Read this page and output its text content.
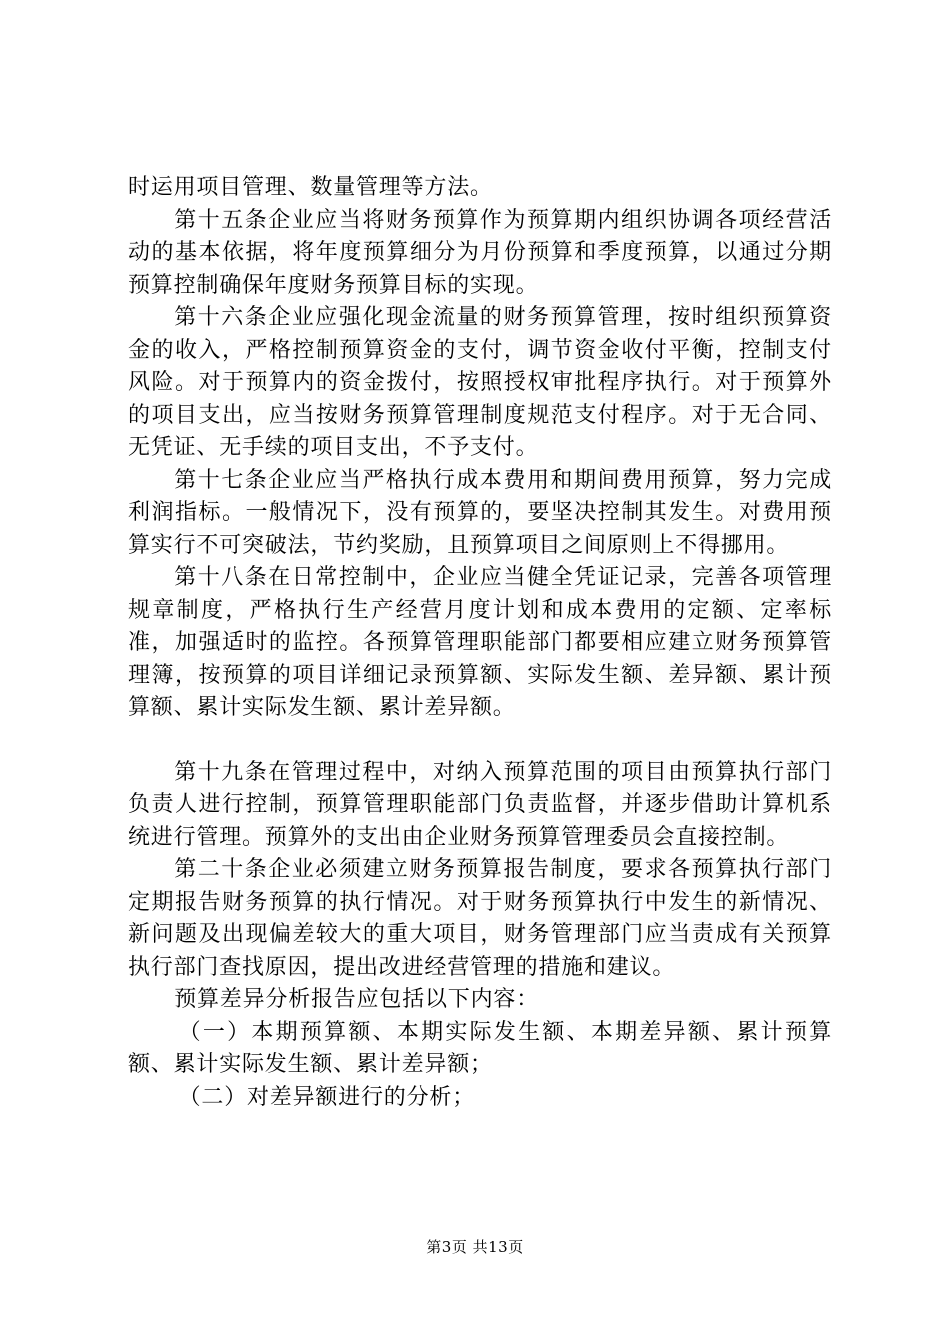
时运用项目管理、数量管理等方法。

第十五条企业应当将财务预算作为预算期内组织协调各项经营活动的基本依据，将年度预算细分为月份预算和季度预算，以通过分期预算控制确保年度财务预算目标的实现。

第十六条企业应强化现金流量的财务预算管理，按时组织预算资金的收入，严格控制预算资金的支付，调节资金收付平衡，控制支付风险。对于预算内的资金拨付，按照授权审批程序执行。对于预算外的项目支出，应当按财务预算管理制度规范支付程序。对于无合同、无凭证、无手续的项目支出，不予支付。

第十七条企业应当严格执行成本费用和期间费用预算，努力完成利润指标。一般情况下，没有预算的，要坚决控制其发生。对费用预算实行不可突破法，节约奖励，且预算项目之间原则上不得挪用。

第十八条在日常控制中，企业应当健全凭证记录，完善各项管理规章制度，严格执行生产经营月度计划和成本费用的定额、定率标准，加强适时的监控。各预算管理职能部门都要相应建立财务预算管理簿，按预算的项目详细记录预算额、实际发生额、差异额、累计预算额、累计实际发生额、累计差异额。

第十九条在管理过程中，对纳入预算范围的项目由预算执行部门负责人进行控制，预算管理职能部门负责监督，并逐步借助计算机系统进行管理。预算外的支出由企业财务预算管理委员会直接控制。

第二十条企业必须建立财务预算报告制度，要求各预算执行部门定期报告财务预算的执行情况。对于财务预算执行中发生的新情况、新问题及出现偏差较大的重大项目，财务管理部门应当责成有关预算执行部门查找原因，提出改进经营管理的措施和建议。

预算差异分析报告应包括以下内容：

（一）本期预算额、本期实际发生额、本期差异额、累计预算额、累计实际发生额、累计差异额；

（二）对差异额进行的分析；

第3页 共13页
